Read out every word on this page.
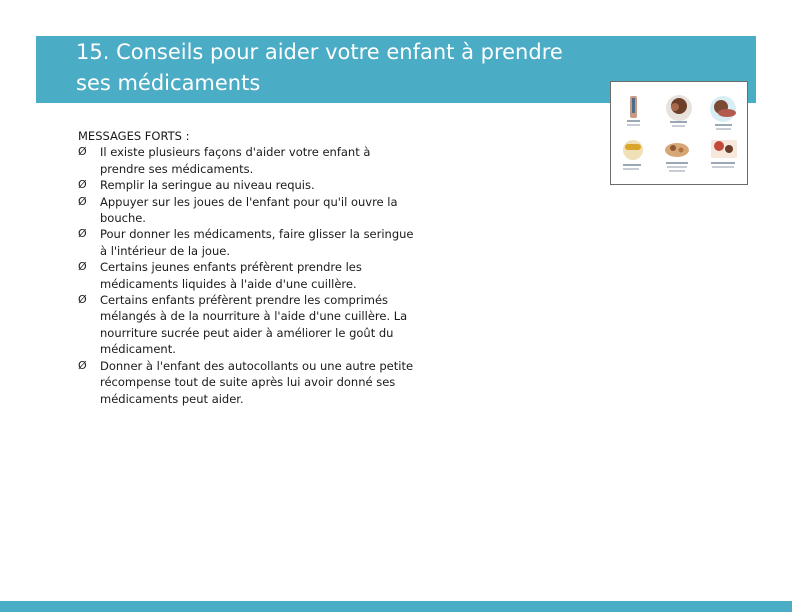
15. Conseils pour aider votre enfant à prendre
ses médicaments

MESSAGES FORTS :

Ø Il existe plusieurs façons d'aider votre enfant à prendre ses médicaments.
Ø Remplir la seringue au niveau requis.
Ø Appuyer sur les joues de l'enfant pour qu'il ouvre la bouche.
Ø Pour donner les médicaments, faire glisser la seringue à l'intérieur de la joue.
Ø Certains jeunes enfants préfèrent prendre les médicaments liquides à l'aide d'une cuillère.
Ø Certains enfants préfèrent prendre les comprimés mélangés à de la nourriture à l'aide d'une cuillère. La nourriture sucrée peut aider à améliorer le goût du médicament.
Ø Donner à l'enfant des autocollants ou une autre petite récompense tout de suite après lui avoir donné ses médicaments peut aider.
